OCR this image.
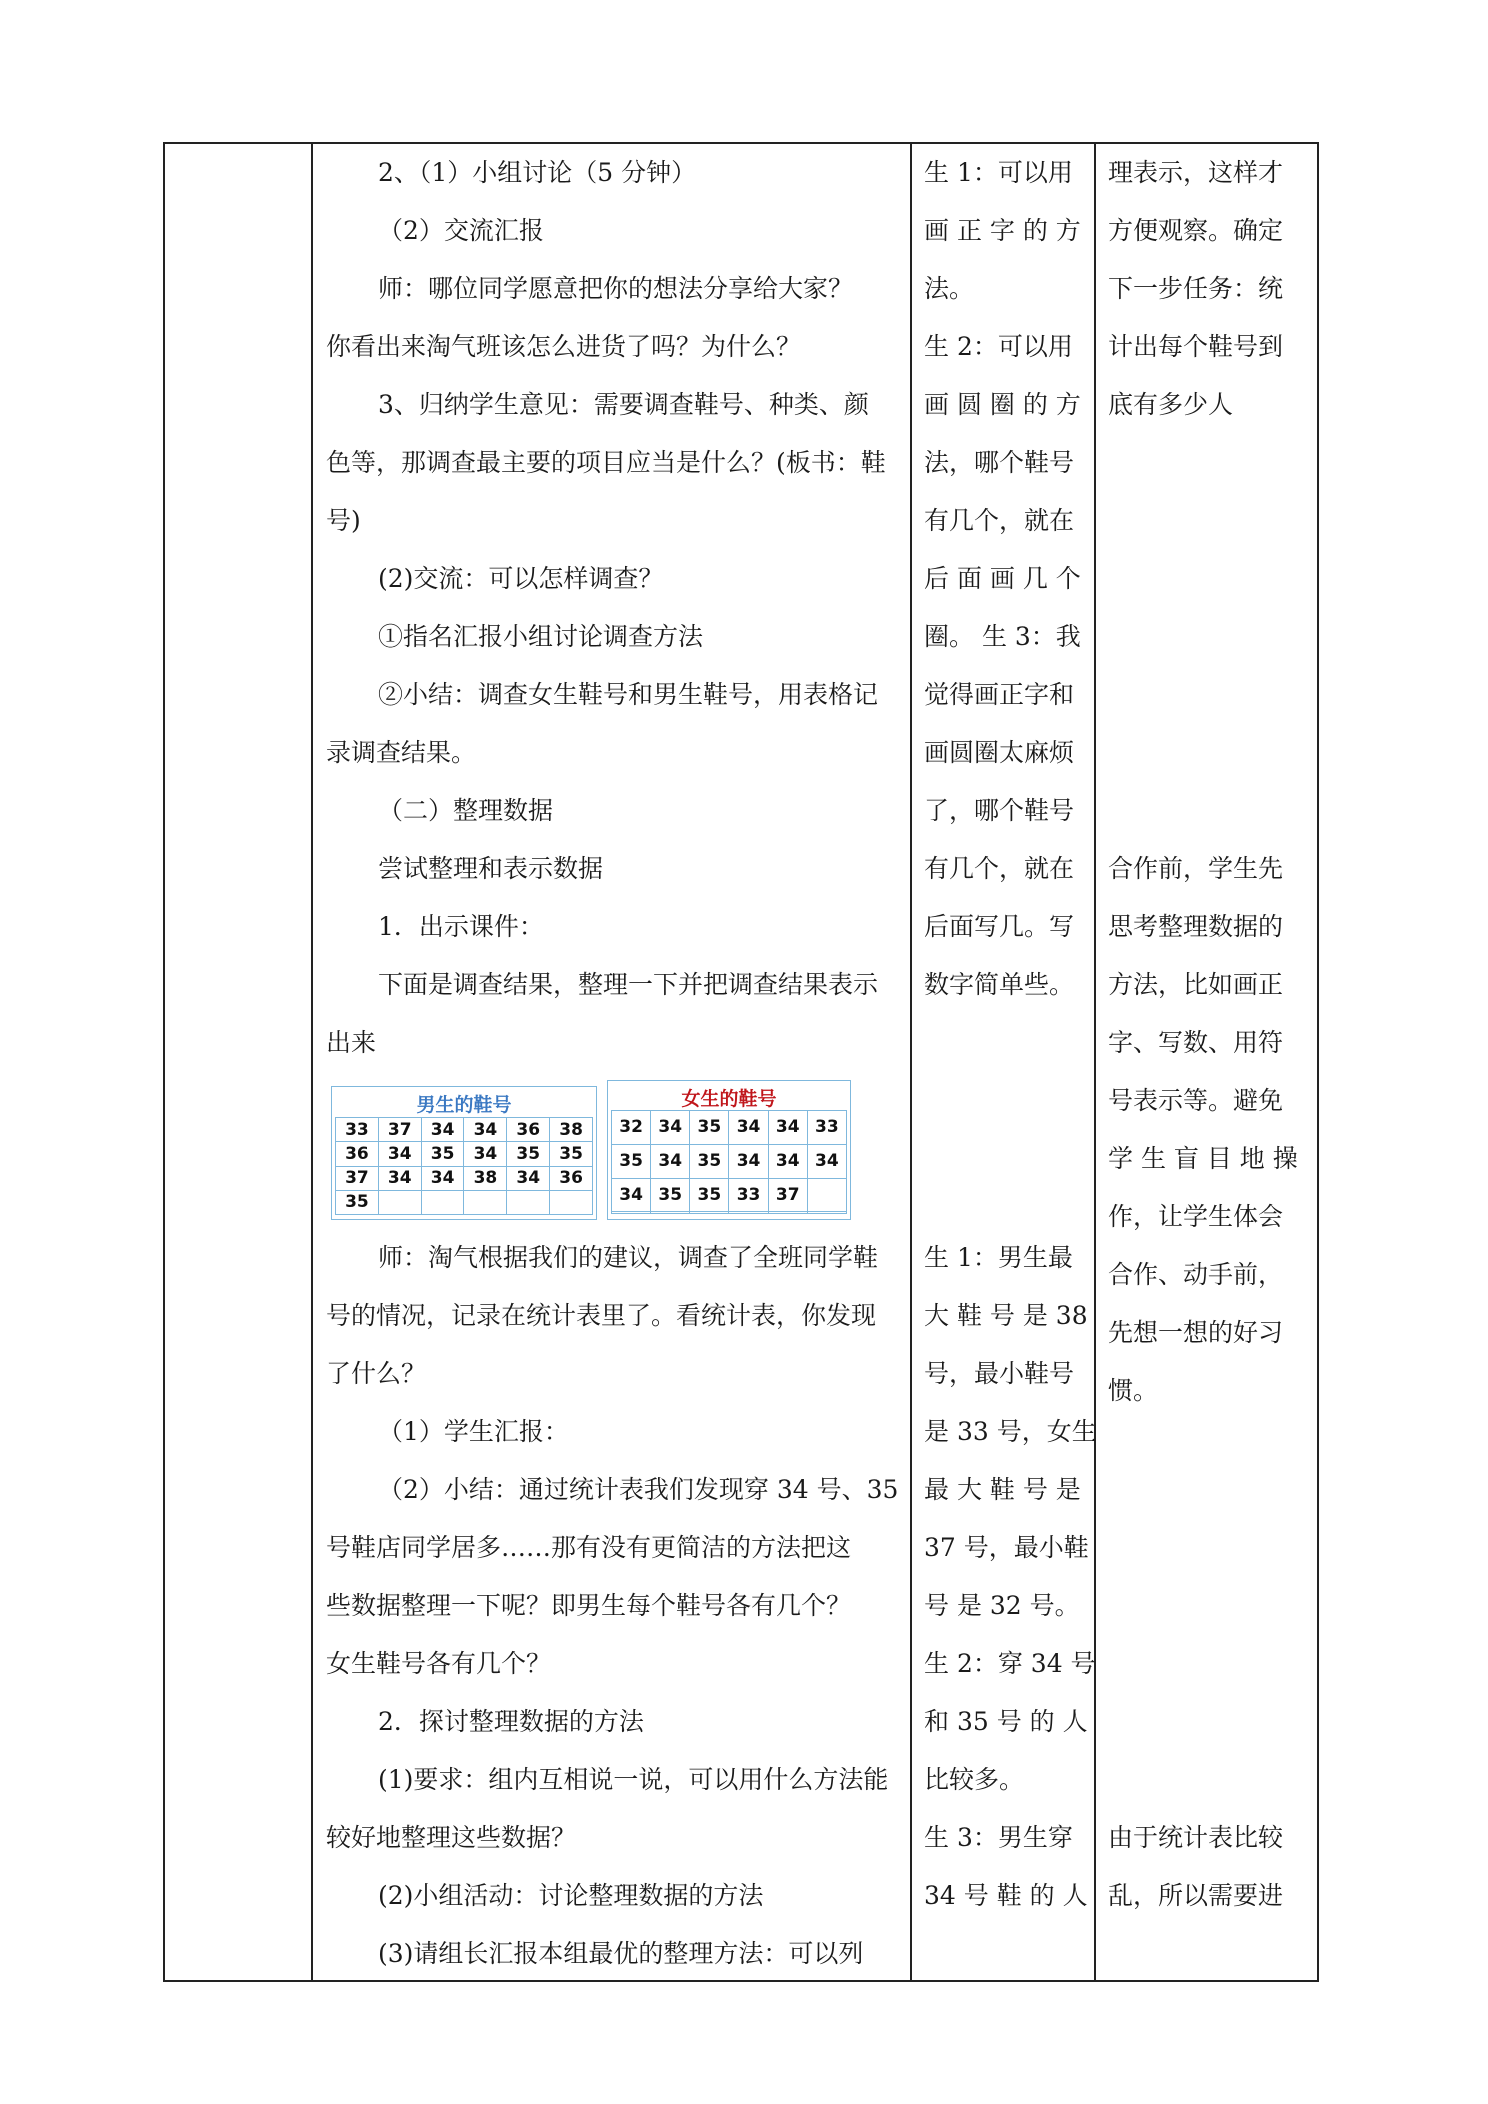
2、（1）小组讨论（5 分钟）
（2）交流汇报
师：哪位同学愿意把你的想法分享给大家？
你看出来淘气班该怎么进货了吗？为什么？
3、归纳学生意见：需要调查鞋号、种类、颜
色等，那调查最主要的项目应当是什么？(板书：鞋
号)
(2)交流：可以怎样调查？
①指名汇报小组讨论调查方法
②小结：调查女生鞋号和男生鞋号，用表格记
录调查结果。
（二）整理数据
尝试整理和表示数据
1．出示课件：
下面是调查结果，整理一下并把调查结果表示
出来
师：淘气根据我们的建议，调查了全班同学鞋
号的情况，记录在统计表里了。看统计表，你发现
了什么？
（1）学生汇报：
（2）小结：通过统计表我们发现穿 34 号、35
号鞋店同学居多……那有没有更简洁的方法把这
些数据整理一下呢？即男生每个鞋号各有几个？
女生鞋号各有几个？
2．探讨整理数据的方法
(1)要求：组内互相说一说，可以用什么方法能
较好地整理这些数据？
(2)小组活动：讨论整理数据的方法
(3)请组长汇报本组最优的整理方法：可以列
男生的鞋号
33	37	34	34	36	38
36	34	35	34	35	35
37	34	34	38	34	36
35					
女生的鞋号
32	34	35	34	34	33
35	34	35	34	34	34
34	35	35	33	37	

生 1：可以用
画 正 字 的 方
法。
生 2：可以用
画 圆 圈 的 方
法，哪个鞋号
有几个，就在
后 面 画 几 个
圈。 生 3：我
觉得画正字和
画圆圈太麻烦
了，哪个鞋号
有几个，就在
后面写几。写
数字简单些。
生 1：男生最
大 鞋 号 是 38
号，最小鞋号
是 33 号，女生
最 大 鞋 号 是
37 号，最小鞋
号 是 32 号。
生 2：穿 34 号
和 35 号 的 人
比较多。
生 3：男生穿
34 号 鞋 的 人
理表示，这样才
方便观察。确定
下一步任务：统
计出每个鞋号到
底有多少人
合作前，学生先
思考整理数据的
方法，比如画正
字、写数、用符
号表示等。避免
学 生 盲 目 地 操
作，让学生体会
合作、动手前，
先想一想的好习
惯。
由于统计表比较
乱，所以需要进
